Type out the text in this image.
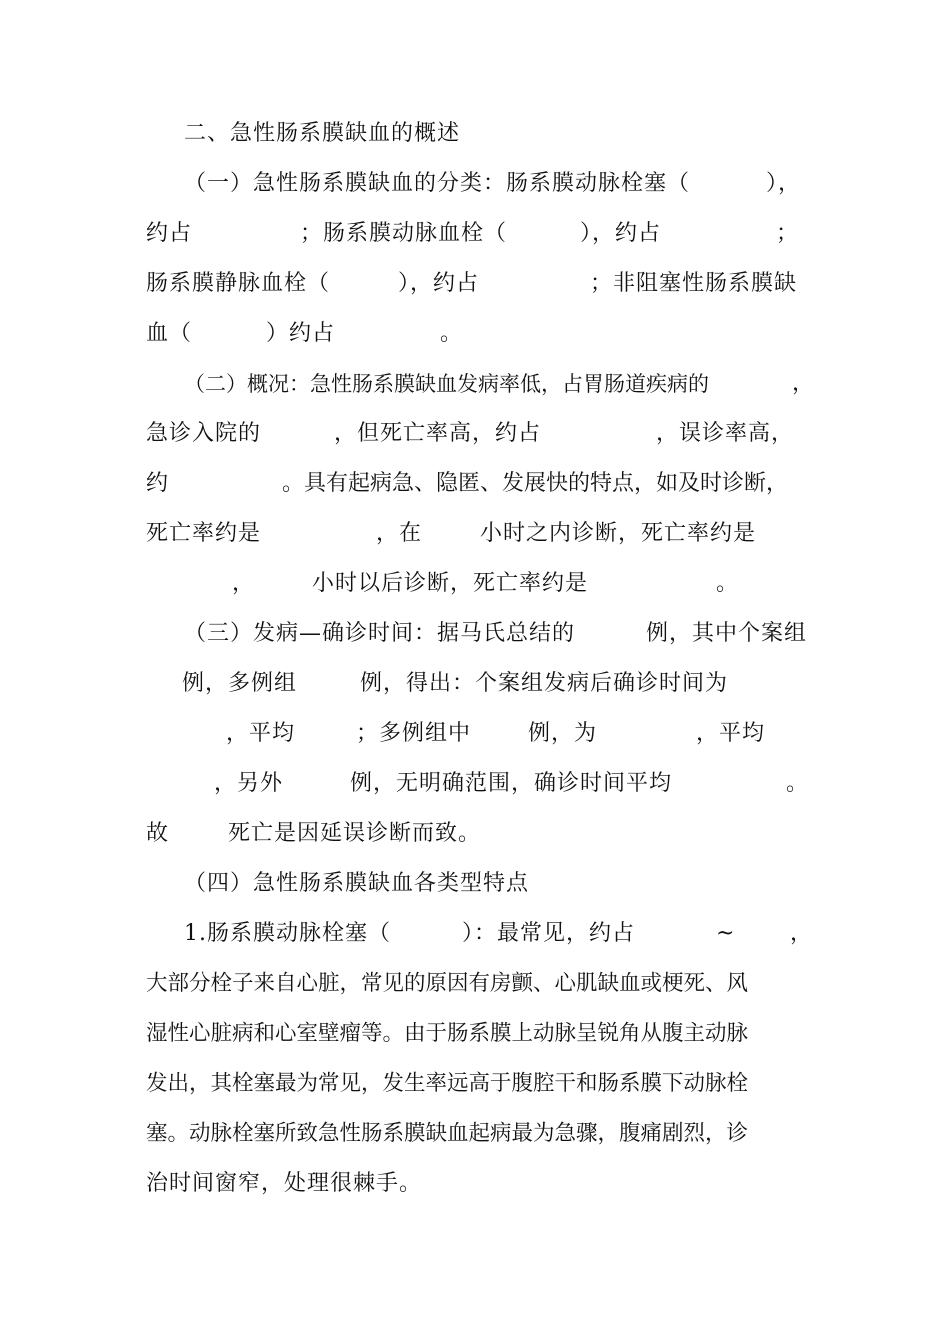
二、急性肠系膜缺血的概述
（一）急性肠系膜缺血的分类：肠系膜动脉栓塞（	），
约占	；肠系膜动脉血栓（	），约占	；
肠系膜静脉血栓（	），约占	；非阻塞性肠系膜缺
血（	）约占	。
（二）概况：急性肠系膜缺血发病率低，占胃肠道疾病的	，
急诊入院的	，但死亡率高，约占	，误诊率高，
约	。具有起病急、隐匿、发展快的特点，如及时诊断，
死亡率约是	，在	小时之内诊断，死亡率约是
，	小时以后诊断，死亡率约是	。
（三）发病—确诊时间：据马氏总结的	例，其中个案组
例，多例组	例，得出：个案组发病后确诊时间为
，平均	；多例组中	例，为	，平均
，另外	例，无明确范围，确诊时间平均	。
故	死亡是因延误诊断而致。
（四）急性肠系膜缺血各类型特点
1.肠系膜动脉栓塞（	）：最常见，约占	~ ，
大部分栓子来自心脏，常见的原因有房颤、心肌缺血或梗死、风
湿性心脏病和心室壁瘤等。由于肠系膜上动脉呈锐角从腹主动脉
发出，其栓塞最为常见，发生率远高于腹腔干和肠系膜下动脉栓
塞。动脉栓塞所致急性肠系膜缺血起病最为急骤，腹痛剧烈，诊
治时间窗窄，处理很棘手。
